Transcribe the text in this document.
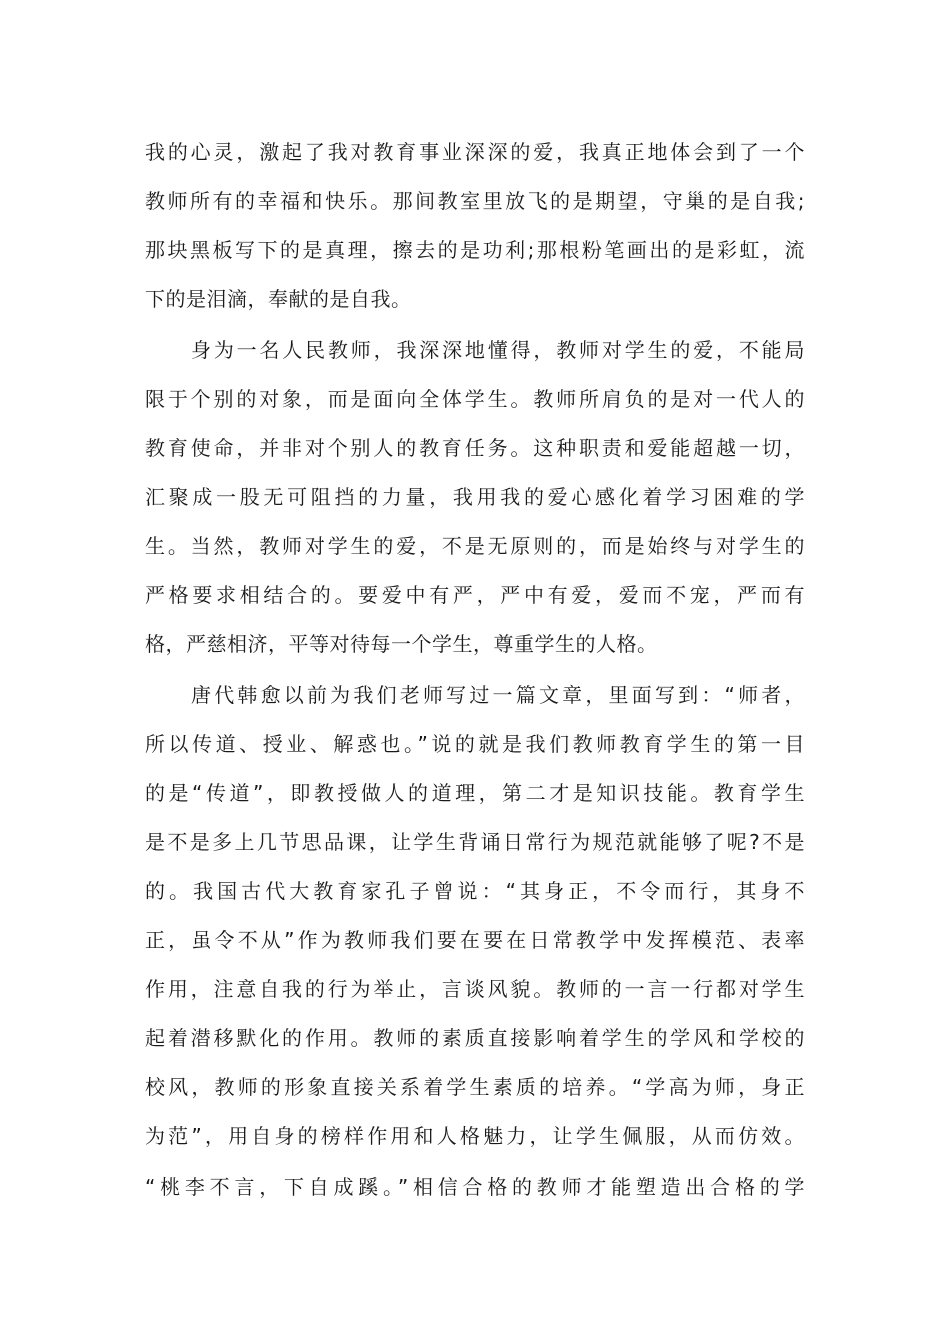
我的心灵，激起了我对教育事业深深的爱，我真正地体会到了一个
教师所有的幸福和快乐。那间教室里放飞的是期望，守巢的是自我;
那块黑板写下的是真理，擦去的是功利;那根粉笔画出的是彩虹，流
下的是泪滴，奉献的是自我。
身为一名人民教师，我深深地懂得，教师对学生的爱，不能局
限于个别的对象，而是面向全体学生。教师所肩负的是对一代人的
教育使命，并非对个别人的教育任务。这种职责和爱能超越一切，
汇聚成一股无可阻挡的力量，我用我的爱心感化着学习困难的学
生。当然，教师对学生的爱，不是无原则的，而是始终与对学生的
严格要求相结合的。要爱中有严，严中有爱，爱而不宠，严而有
格，严慈相济，平等对待每一个学生，尊重学生的人格。
唐代韩愈以前为我们老师写过一篇文章，里面写到：“师者，
所以传道、授业、解惑也。”说的就是我们教师教育学生的第一目
的是“传道”，即教授做人的道理，第二才是知识技能。教育学生
是不是多上几节思品课，让学生背诵日常行为规范就能够了呢?不是
的。我国古代大教育家孔子曾说：“其身正，不令而行，其身不
正，虽令不从”作为教师我们要在要在日常教学中发挥模范、表率
作用，注意自我的行为举止，言谈风貌。教师的一言一行都对学生
起着潜移默化的作用。教师的素质直接影响着学生的学风和学校的
校风，教师的形象直接关系着学生素质的培养。“学高为师，身正
为范”，用自身的榜样作用和人格魅力，让学生佩服，从而仿效。
“桃李不言，下自成蹊。”相信合格的教师才能塑造出合格的学
